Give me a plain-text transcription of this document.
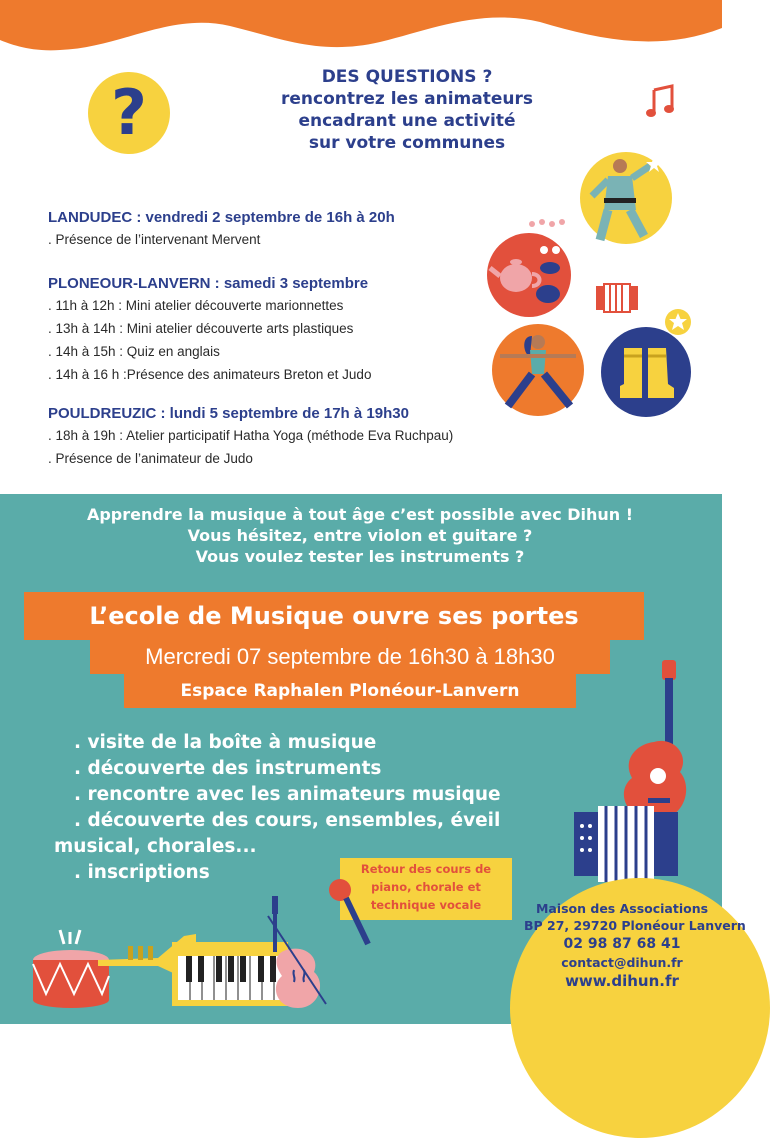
?	DES QUESTIONS ?
rencontrez les animateurs
encadrant une activité
sur votre communes
LANDUDEC : vendredi 2 septembre de 16h à 20h
. Présence de l’intervenant Mervent
PLONEOUR-LANVERN : samedi 3 septembre
. 11h à 12h : Mini atelier découverte marionnettes
. 13h à 14h : Mini atelier découverte arts plastiques
. 14h à 15h : Quiz en anglais
. 14h à 16 h :Présence des animateurs Breton et Judo
POULDREUZIC : lundi 5 septembre de 17h à 19h30
. 18h à 19h : Atelier participatif Hatha Yoga (méthode Eva Ruchpau)
. Présence de l’animateur de Judo
Apprendre la musique à tout âge c’est possible avec Dihun !
Vous hésitez, entre violon et guitare ?
Vous voulez tester les instruments ?
L’ecole de Musique ouvre ses portes
Mercredi 07 septembre de 16h30 à 18h30
Espace Raphalen Plonéour-Lanvern
. visite de la boîte à musique
. découverte des instruments
. rencontre avec les animateurs musique
. découverte des cours, ensembles, éveil
musical, chorales...
. inscriptions	Retour des cours de
piano, chorale et
technique vocale	Maison des Associations
BP 27, 29720 Plonéour Lanvern
02 98 87 68 41
contact@dihun.fr
www.dihun.fr
